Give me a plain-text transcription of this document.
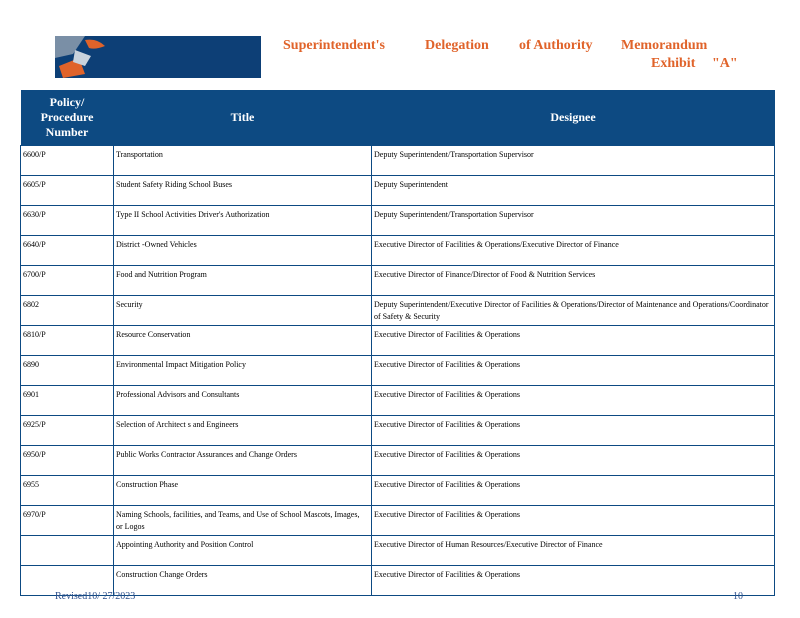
Superintendent's	Delegation of Authority Memorandum
Exhibit "A"
Policy/ Procedure Number	Title	Designee
6600/P	Transportation	Deputy Superintendent/Transportation Supervisor
6605/P	Student Safety Riding School Buses	Deputy Superintendent
6630/P	Type II School Activities Driver's Authorization	Deputy Superintendent/Transportation Supervisor
6640/P	District -Owned Vehicles	Executive Director of Facilities & Operations/Executive Director of Finance
6700/P	Food and Nutrition Program	Executive Director of Finance/Director of Food & Nutrition Services
6802	Security	Deputy Superintendent/Executive Director of Facilities & Operations/Director of Maintenance and Operations/Coordinator of Safety & Security
6810/P	Resource Conservation	Executive Director of Facilities & Operations
6890	Environmental Impact Mitigation Policy	Executive Director of Facilities & Operations
6901	Professional Advisors and Consultants	Executive Director of Facilities & Operations
6925/P	Selection of Architect s and Engineers	Executive Director of Facilities & Operations
6950/P	Public Works Contractor Assurances and Change Orders	Executive Director of Facilities & Operations
6955	Construction Phase	Executive Director of Facilities & Operations
6970/P	Naming Schools, facilities, and Teams, and Use of School Mascots, Images, or Logos	Executive Director of Facilities & Operations
	Appointing Authority and Position Control	Executive Director of Human Resources/Executive Director of Finance
	Construction Change Orders	Executive Director of Facilities & Operations
Revised10/ 27/2023	10
